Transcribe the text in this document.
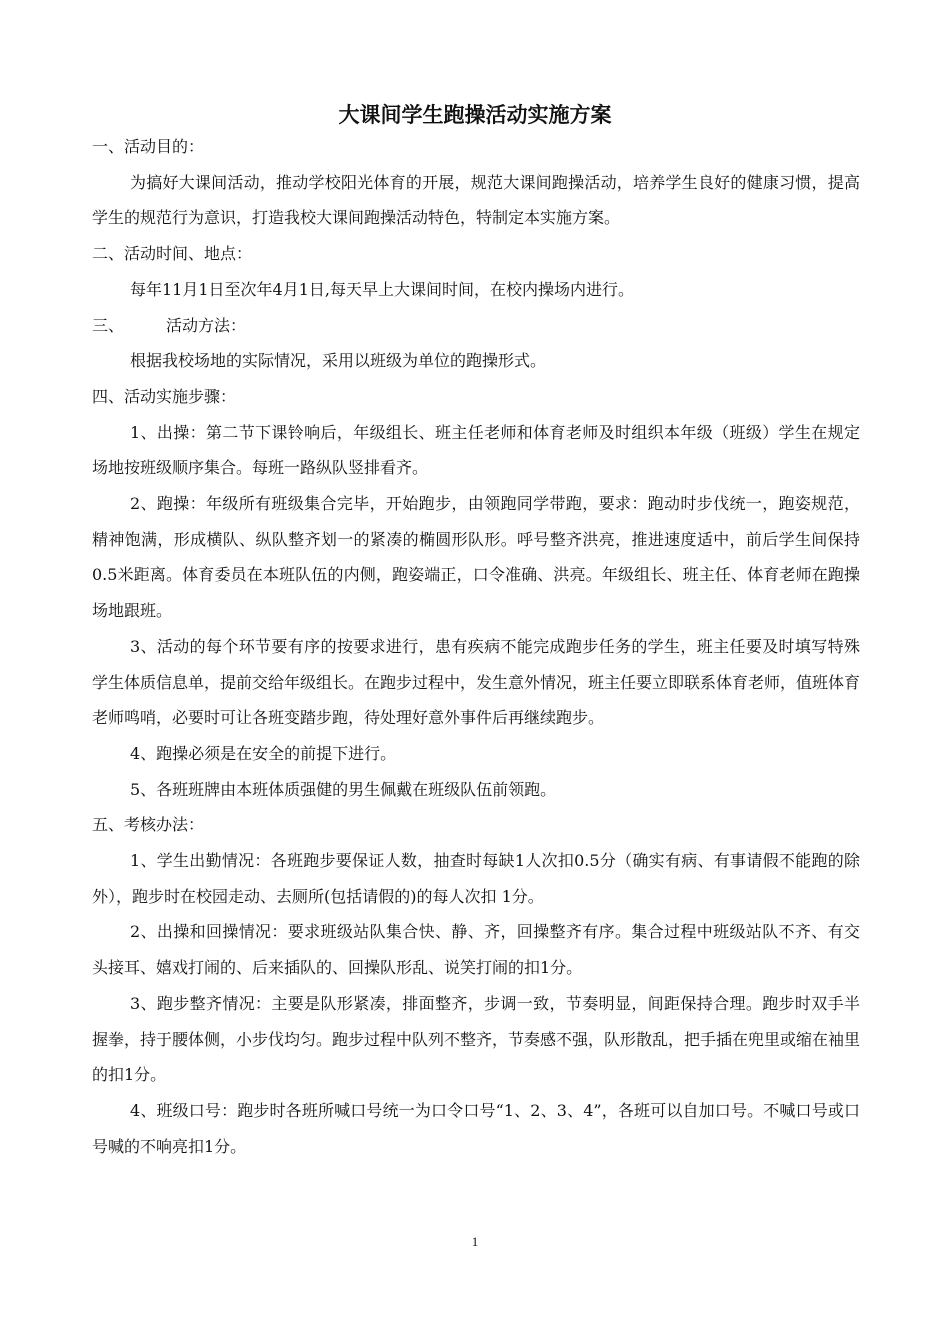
大课间学生跑操活动实施方案

一、活动目的：

为搞好大课间活动，推动学校阳光体育的开展，规范大课间跑操活动，培养学生良好的健康习惯，提高学生的规范行为意识，打造我校大课间跑操活动特色，特制定本实施方案。

二、活动时间、地点：

每年11月1日至次年4月1日,每天早上大课间时间，在校内操场内进行。

三、	活动方法：

根据我校场地的实际情况，采用以班级为单位的跑操形式。

四、活动实施步骤：

1、出操：第二节下课铃响后，年级组长、班主任老师和体育老师及时组织本年级（班级）学生在规定场地按班级顺序集合。每班一路纵队竖排看齐。

2、跑操：年级所有班级集合完毕，开始跑步，由领跑同学带跑，要求：跑动时步伐统一，跑姿规范，精神饱满，形成横队、纵队整齐划一的紧凑的椭圆形队形。呼号整齐洪亮，推进速度适中，前后学生间保持0.5米距离。体育委员在本班队伍的内侧，跑姿端正，口令准确、洪亮。年级组长、班主任、体育老师在跑操场地跟班。

3、活动的每个环节要有序的按要求进行，患有疾病不能完成跑步任务的学生，班主任要及时填写特殊学生体质信息单，提前交给年级组长。在跑步过程中，发生意外情况，班主任要立即联系体育老师，值班体育老师鸣哨，必要时可让各班变踏步跑，待处理好意外事件后再继续跑步。

4、跑操必须是在安全的前提下进行。

5、各班班牌由本班体质强健的男生佩戴在班级队伍前领跑。

五、考核办法：

1、学生出勤情况：各班跑步要保证人数，抽查时每缺1人次扣0.5分（确实有病、有事请假不能跑的除外），跑步时在校园走动、去厕所(包括请假的)的每人次扣 1分。

2、出操和回操情况：要求班级站队集合快、静、齐，回操整齐有序。集合过程中班级站队不齐、有交头接耳、嬉戏打闹的、后来插队的、回操队形乱、说笑打闹的扣1分。

3、跑步整齐情况：主要是队形紧凑，排面整齐，步调一致，节奏明显，间距保持合理。跑步时双手半握拳，持于腰体侧，小步伐均匀。跑步过程中队列不整齐，节奏感不强，队形散乱，把手插在兜里或缩在袖里的扣1分。

4、班级口号：跑步时各班所喊口号统一为口令口号“1、2、3、4”，各班可以自加口号。不喊口号或口号喊的不响亮扣1分。

1
